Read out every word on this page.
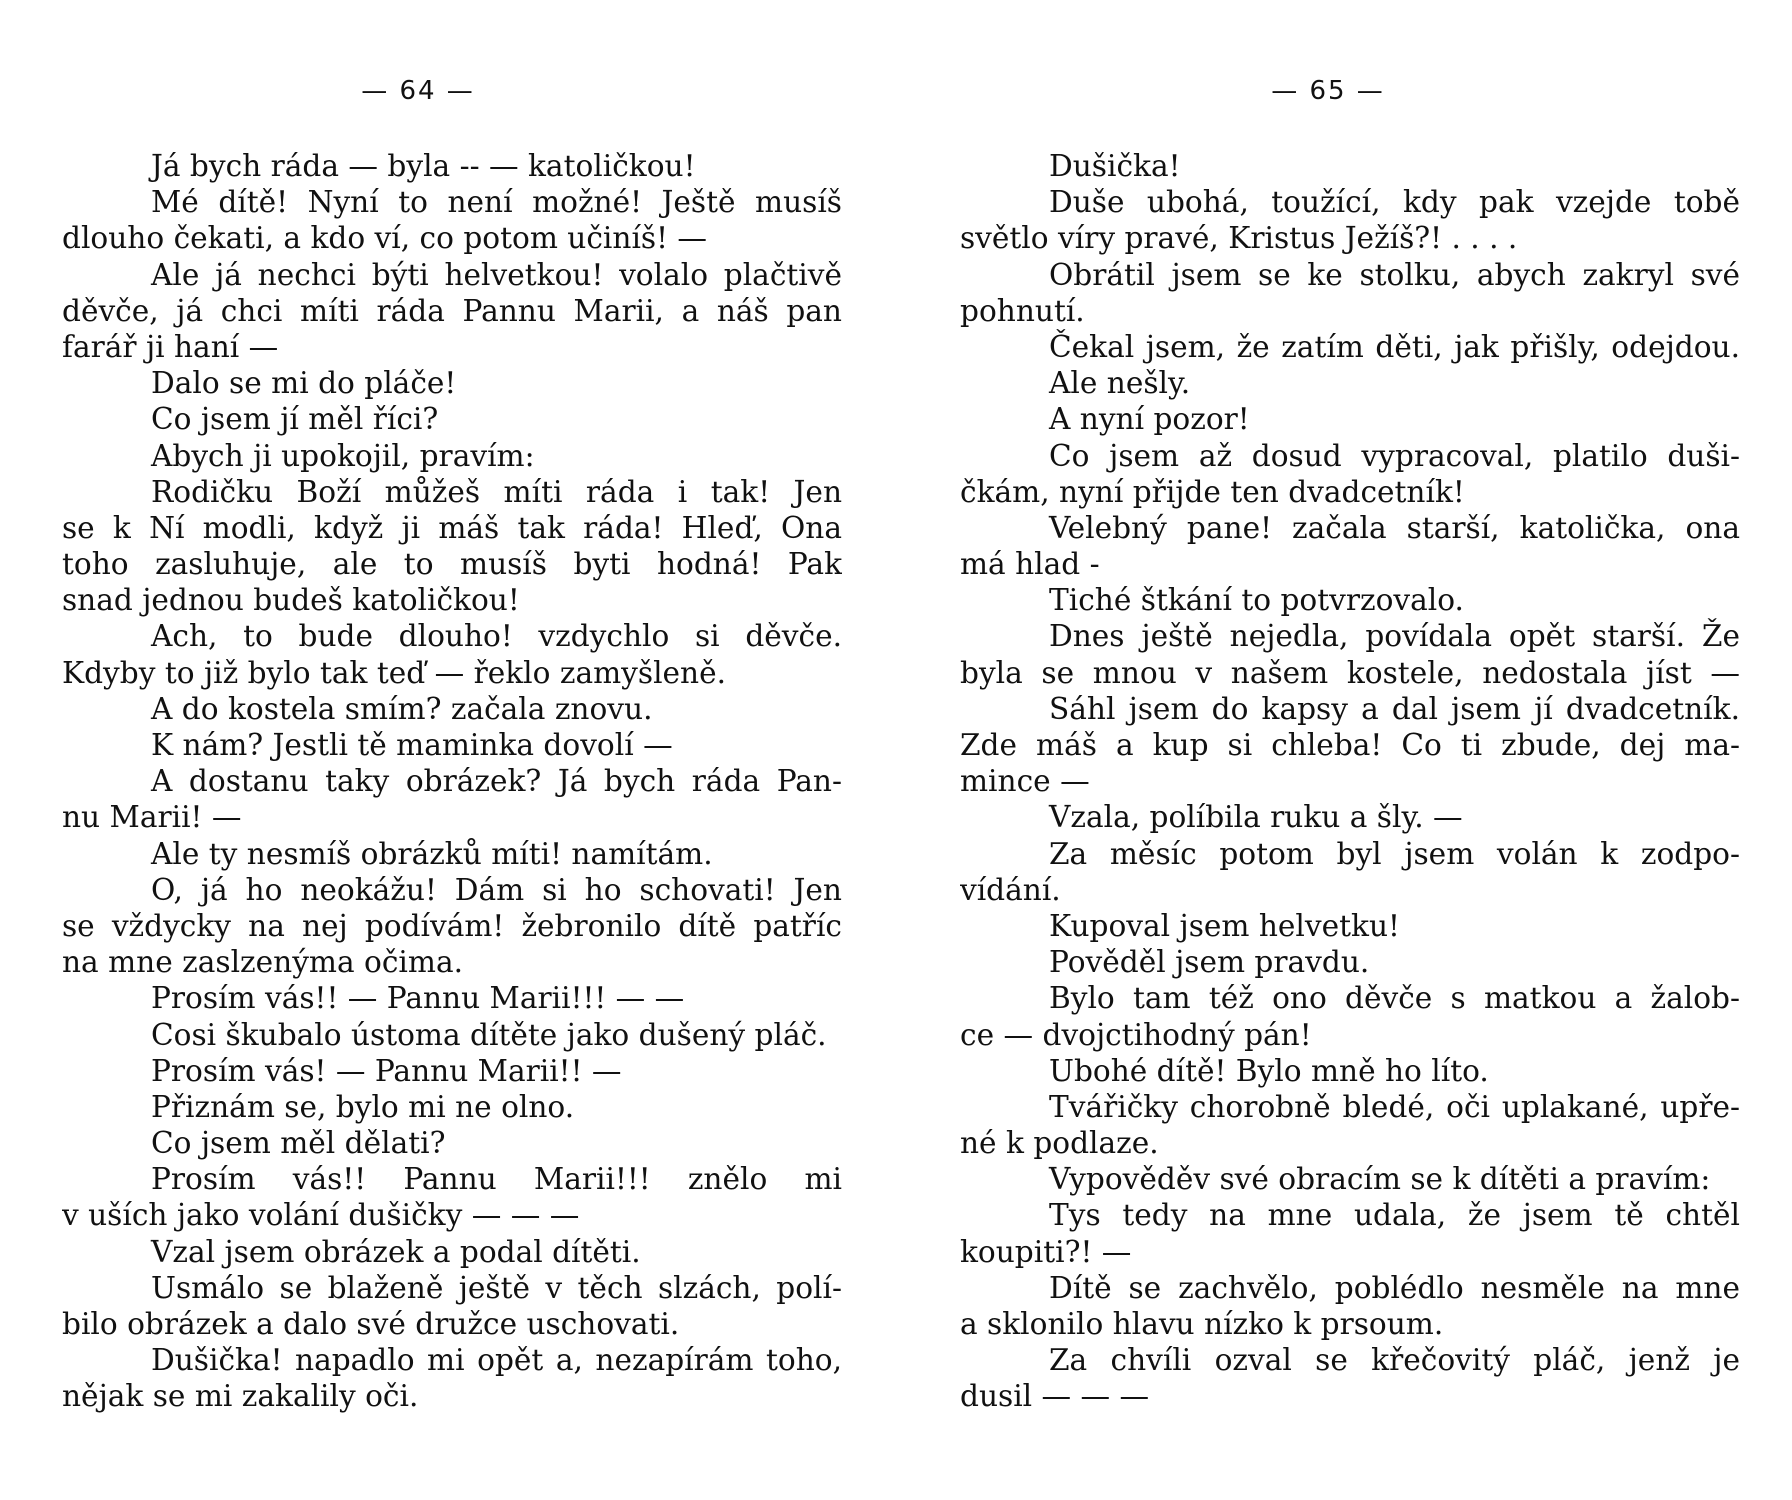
— 64 —
Já bych ráda — byla -- — katoličkou!
Mé dítě! Nyní to není možné! Ještě musíš
dlouho čekati, a kdo ví, co potom učiníš! —
Ale já nechci býti helvetkou! volalo plačtivě
děvče, já chci míti ráda Pannu Marii, a náš pan
farář ji haní —
Dalo se mi do pláče!
Co jsem jí měl říci?
Abych ji upokojil, pravím:
Rodičku Boží můžeš míti ráda i tak! Jen
se k Ní modli, když ji máš tak ráda! Hleď, Ona
toho zasluhuje, ale to musíš byti hodná! Pak
snad jednou budeš katoličkou!
Ach, to bude dlouho! vzdychlo si děvče.
Kdyby to již bylo tak teď — řeklo zamyšleně.
A do kostela smím? začala znovu.
K nám? Jestli tě maminka dovolí —
A dostanu taky obrázek? Já bych ráda Pan-
nu Marii! —
Ale ty nesmíš obrázků míti! namítám.
O, já ho neokážu! Dám si ho schovati! Jen
se vždycky na nej podívám! žebronilo dítě patříc
na mne zaslzenýma očima.
Prosím vás!! — Pannu Marii!!! — —
Cosi škubalo ústoma dítěte jako dušený pláč.
Prosím vás! — Pannu Marii!! —
Přiznám se, bylo mi ne olno.
Co jsem měl dělati?
Prosím vás!! Pannu Marii!!! znělo mi
v uších jako volání dušičky — — —
Vzal jsem obrázek a podal dítěti.
Usmálo se blaženě ještě v těch slzách, polí-
bilo obrázek a dalo své družce uschovati.
Dušička! napadlo mi opět a, nezapírám toho,
nějak se mi zakalily oči.
— 65 —
Dušička!
Duše ubohá, toužící, kdy pak vzejde tobě
světlo víry pravé, Kristus Ježíš?! . . . .
Obrátil jsem se ke stolku, abych zakryl své
pohnutí.
Čekal jsem, že zatím děti, jak přišly, odejdou.
Ale nešly.
A nyní pozor!
Co jsem až dosud vypracoval, platilo duši-
čkám, nyní přijde ten dvadcetník!
Velebný pane! začala starší, katolička, ona
má hlad -
Tiché štkání to potvrzovalo.
Dnes ještě nejedla, povídala opět starší. Že
byla se mnou v našem kostele, nedostala jíst —
Sáhl jsem do kapsy a dal jsem jí dvadcetník.
Zde máš a kup si chleba! Co ti zbude, dej ma-
mince —
Vzala, políbila ruku a šly. —
Za měsíc potom byl jsem volán k zodpo-
vídání.
Kupoval jsem helvetku!
Pověděl jsem pravdu.
Bylo tam též ono děvče s matkou a žalob-
ce — dvojctihodný pán!
Ubohé dítě! Bylo mně ho líto.
Tvářičky chorobně bledé, oči uplakané, upře-
né k podlaze.
Vypověděv své obracím se k dítěti a pravím:
Tys tedy na mne udala, že jsem tě chtěl
koupiti?! —
Dítě se zachvělo, poblédlo nesměle na mne
a sklonilo hlavu nízko k prsoum.
Za chvíli ozval se křečovitý pláč, jenž je
dusil — — —
